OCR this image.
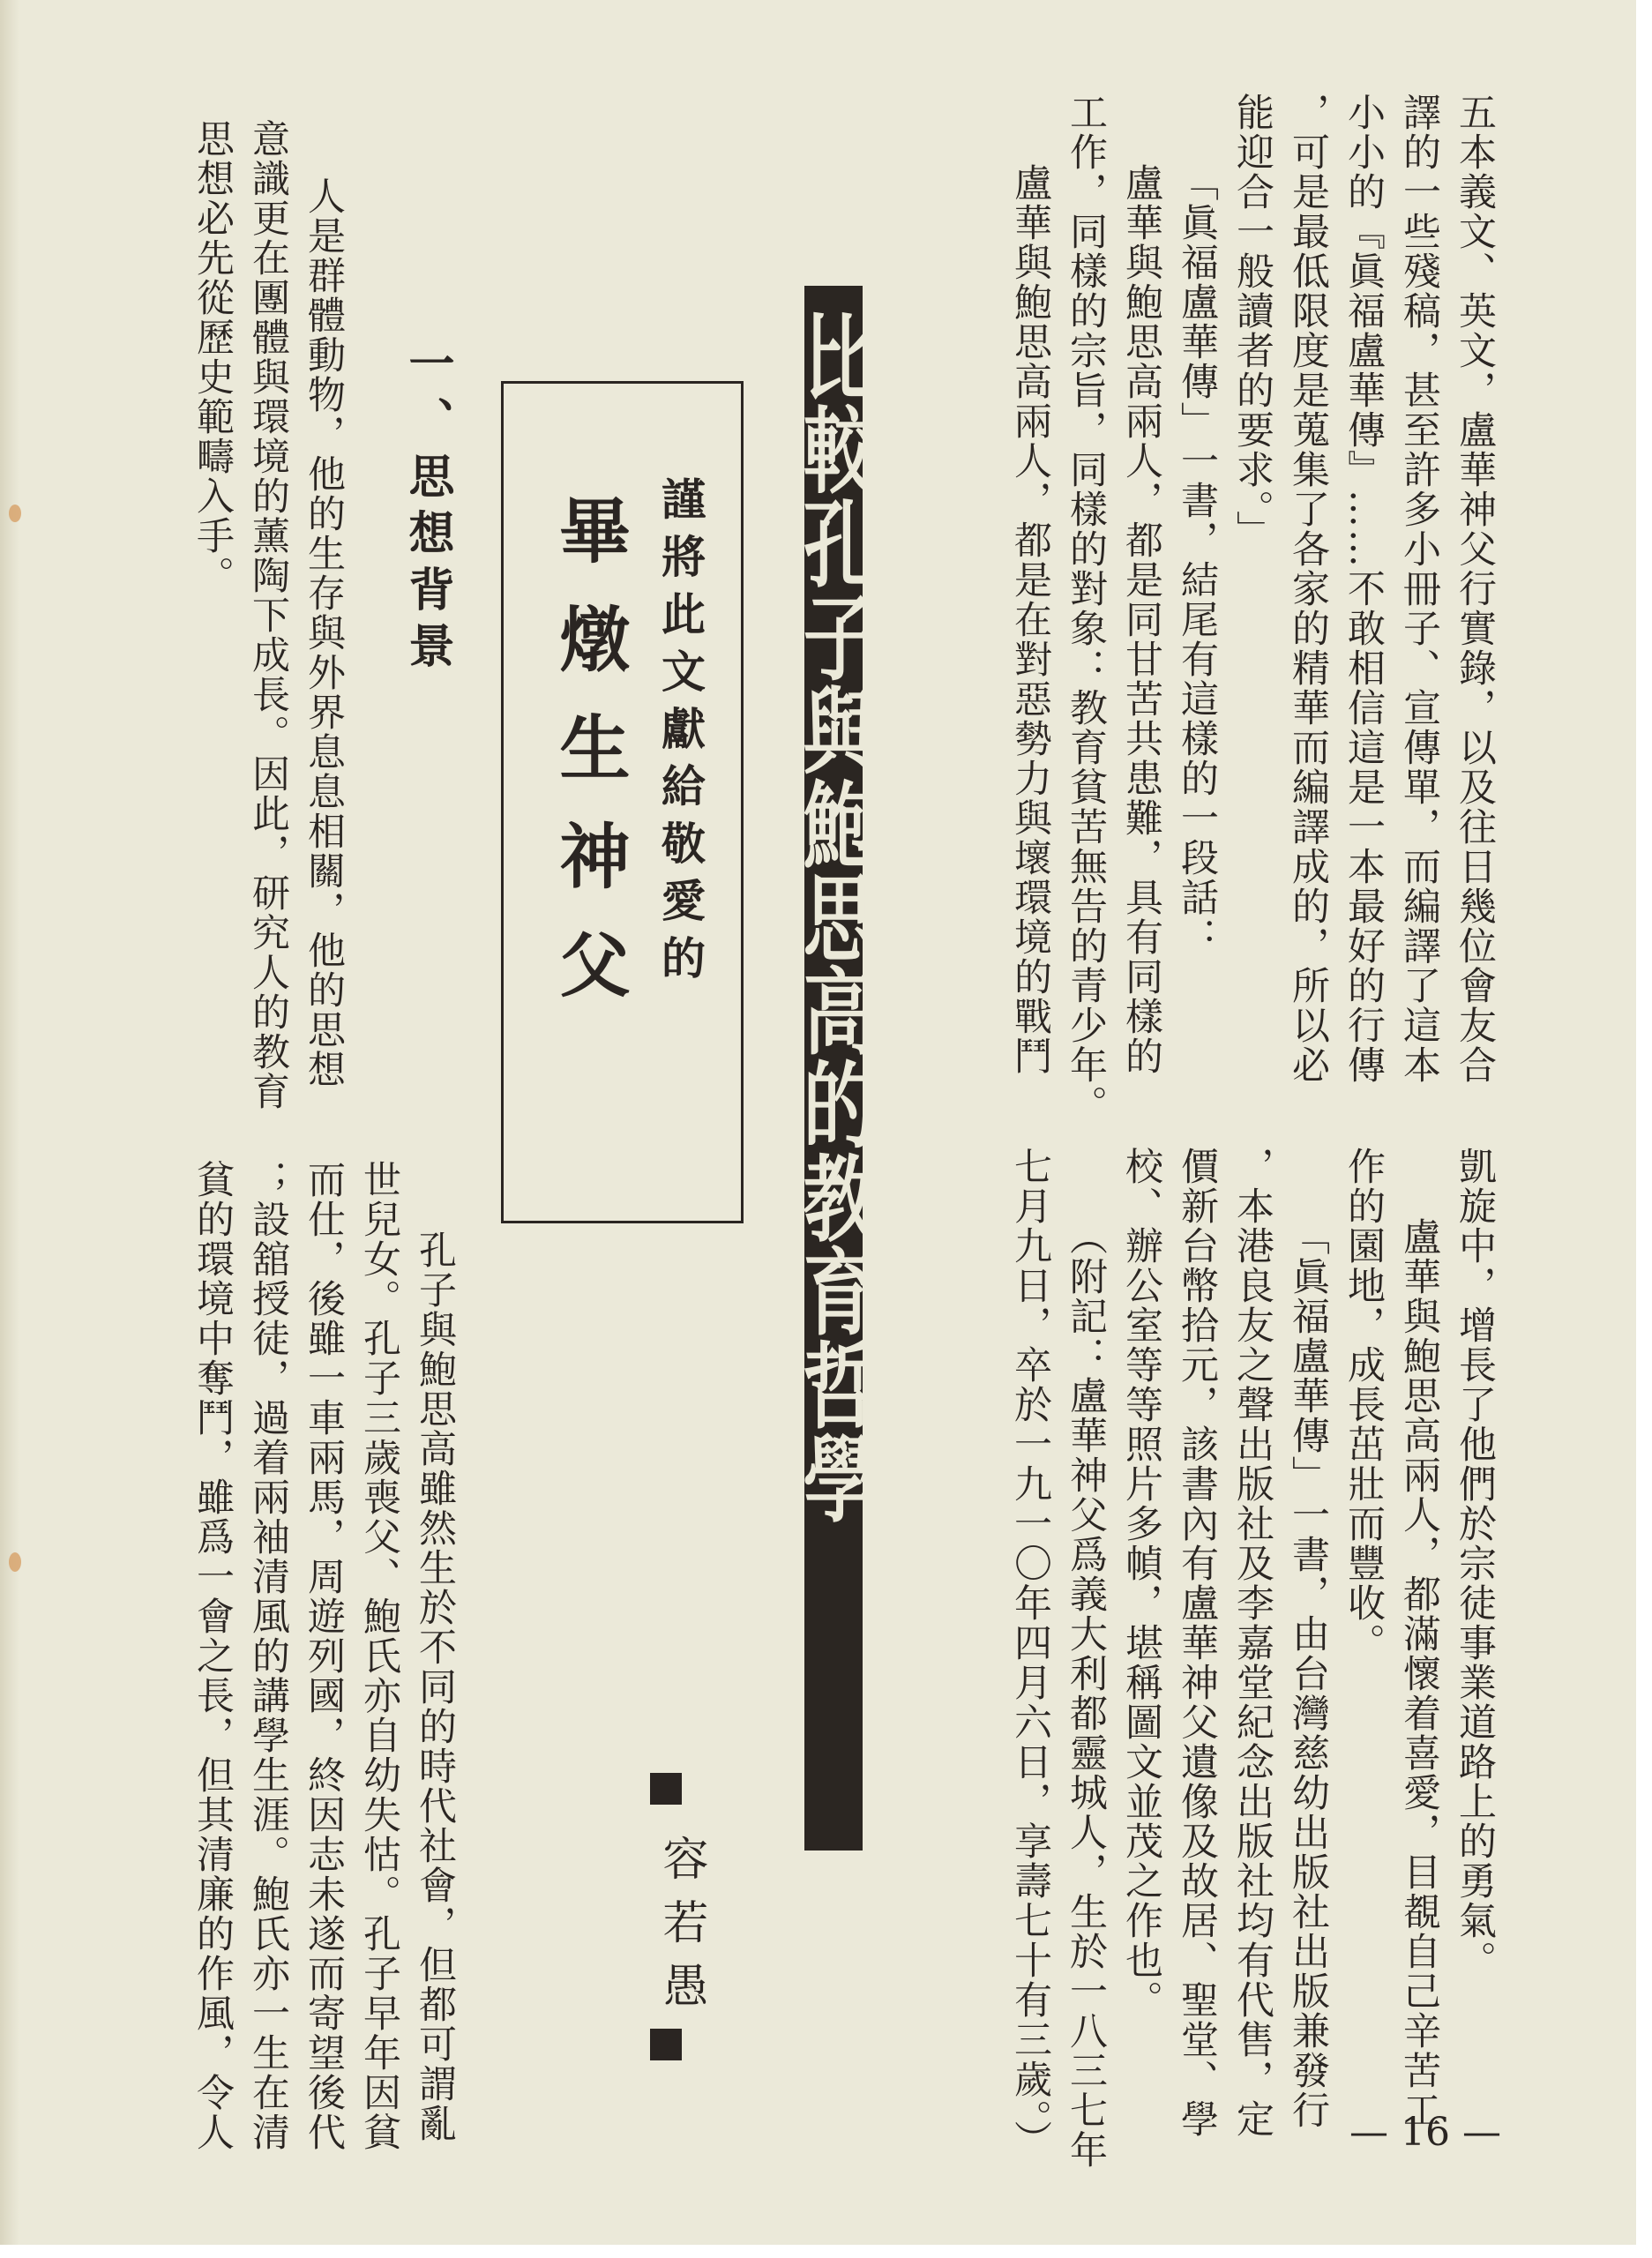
五本義文、英文，盧華神父行實錄，以及往日幾位會友合
譯的一些殘稿，甚至許多小冊子、宣傳單，而編譯了這本
小小的『眞福盧華傳』……不敢相信這是一本最好的行傳
，可是最低限度是蒐集了各家的精華而編譯成的，所以必
能迎合一般讀者的要求。」
「眞福盧華傳」一書，結尾有這樣的一段話：
盧華與鮑思高兩人，都是同甘苦共患難，具有同樣的
工作，同樣的宗旨，同樣的對象：教育貧苦無告的青少年。
盧華與鮑思高兩人，都是在對惡勢力與壞環境的戰鬥
凱旋中，增長了他們於宗徒事業道路上的勇氣。
盧華與鮑思高兩人，都滿懷着喜愛，目覩自己辛苦工
作的園地，成長茁壯而豐收。
「眞福盧華傳」一書，由台灣慈幼出版社出版兼發行
，本港良友之聲出版社及李嘉堂紀念出版社均有代售，定
價新台幣拾元，該書內有盧華神父遺像及故居、聖堂、學
校、辦公室等等照片多幀，堪稱圖文並茂之作也。
（附記：盧華神父爲義大利都靈城人，生於一八三七年
七月九日，卒於一九一〇年四月六日，享壽七十有三歲。）
比較孔子與鮑思高的教育哲學
容若愚
謹將此文獻給敬愛的
畢燉生神父
一、思想背景
人是群體動物，他的生存與外界息息相關，他的思想
意識更在團體與環境的薰陶下成長。因此，研究人的教育
思想必先從歷史範疇入手。
孔子與鮑思高雖然生於不同的時代社會，但都可謂亂
世兒女。孔子三歲喪父、鮑氏亦自幼失怙。孔子早年因貧
而仕，後雖一車兩馬，周遊列國，終因志未遂而寄望後代
；設舘授徒，過着兩袖清風的講學生涯。鮑氏亦一生在清
貧的環境中奪鬥，雖爲一會之長，但其清廉的作風，令人	— 16 —
